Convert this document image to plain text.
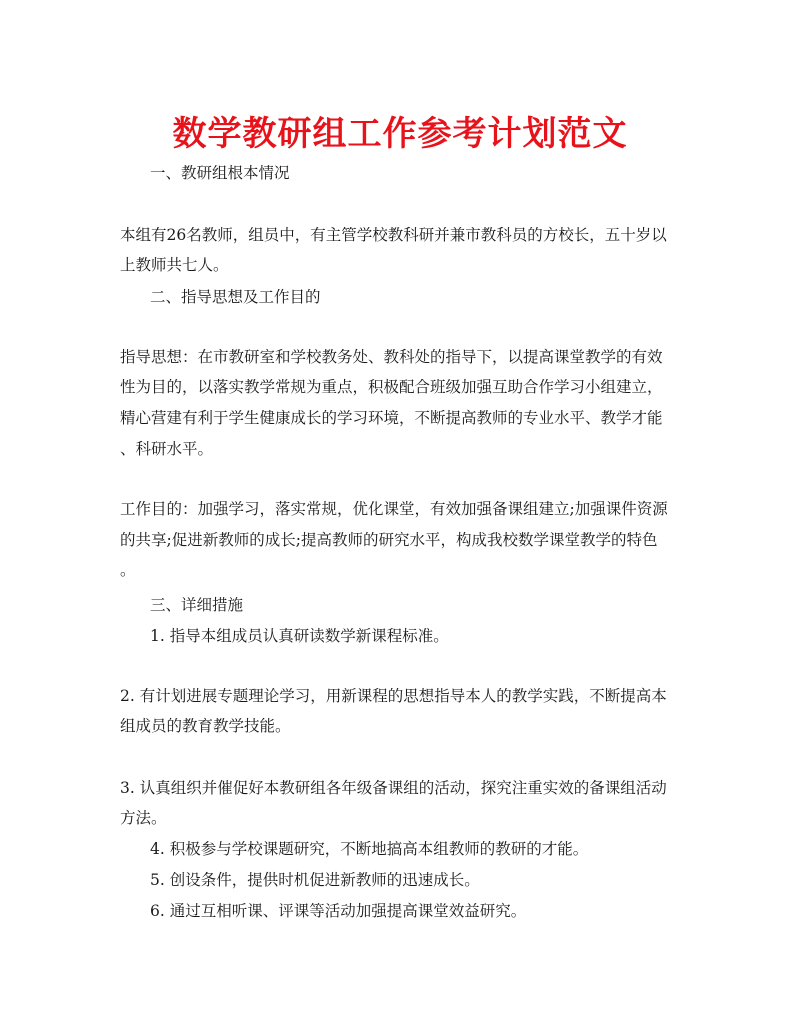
数学教研组工作参考计划范文
一、教研组根本情况
本组有26名教师，组员中，有主管学校教科研并兼市教科员的方校长，五十岁以
上教师共七人。
二、指导思想及工作目的
指导思想：在市教研室和学校教务处、教科处的指导下，以提高课堂教学的有效
性为目的，以落实教学常规为重点，积极配合班级加强互助合作学习小组建立，
精心营建有利于学生健康成长的学习环境，不断提高教师的专业水平、教学才能
、科研水平。
工作目的：加强学习，落实常规，优化课堂，有效加强备课组建立;加强课件资源
的共享;促进新教师的成长;提高教师的研究水平，构成我校数学课堂教学的特色
。
三、详细措施
1. 指导本组成员认真研读数学新课程标准。
2. 有计划进展专题理论学习，用新课程的思想指导本人的教学实践，不断提高本
组成员的教育教学技能。
3. 认真组织并催促好本教研组各年级备课组的活动，探究注重实效的备课组活动
方法。
4. 积极参与学校课题研究，不断地搞高本组教师的教研的才能。
5. 创设条件，提供时机促进新教师的迅速成长。
6. 通过互相听课、评课等活动加强提高课堂效益研究。
